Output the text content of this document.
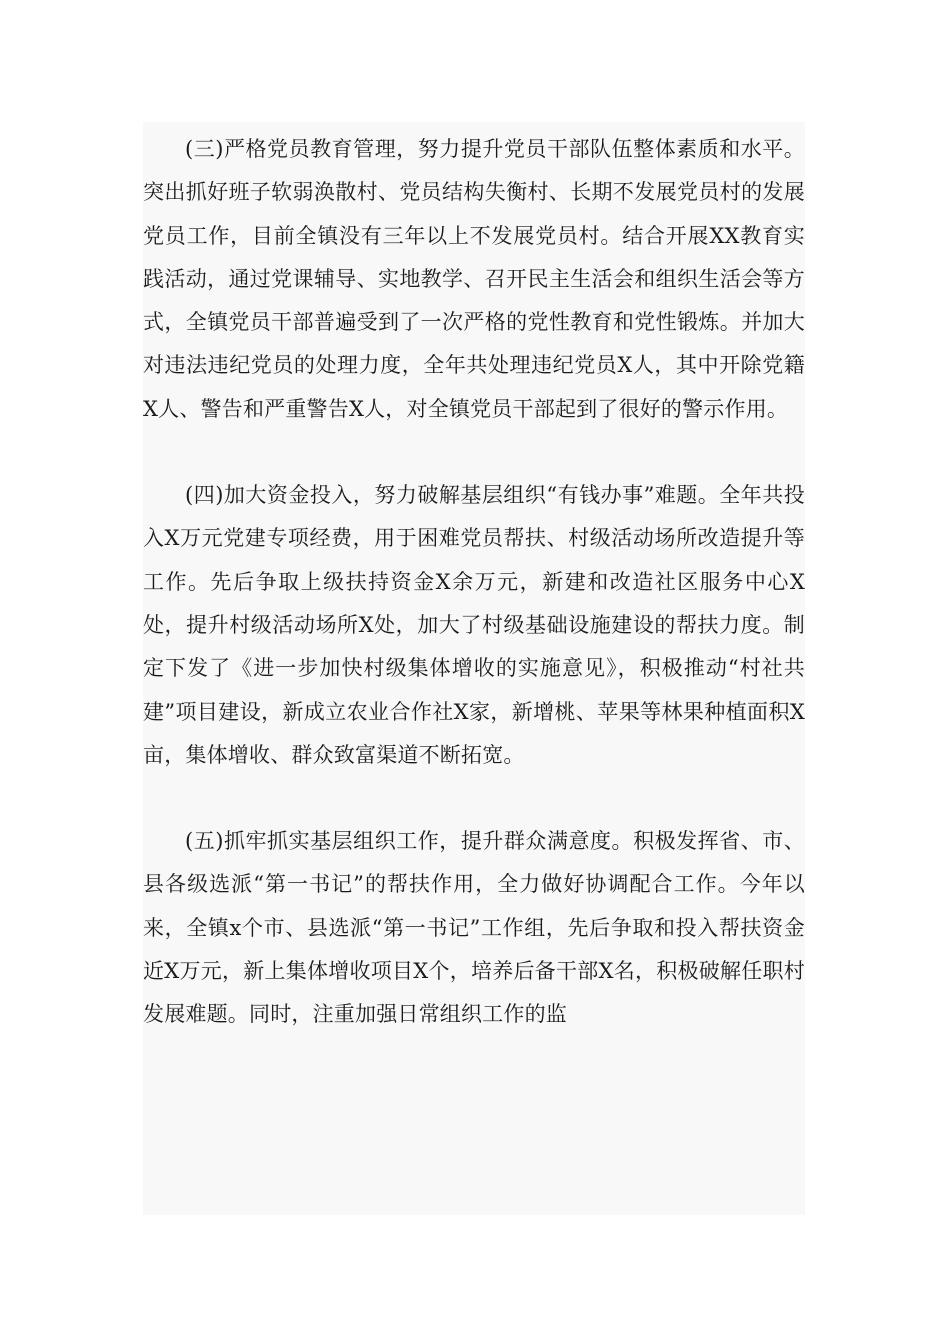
(三)严格党员教育管理，努力提升党员干部队伍整体素质和水平。突出抓好班子软弱涣散村、党员结构失衡村、长期不发展党员村的发展党员工作，目前全镇没有三年以上不发展党员村。结合开展XX教育实践活动，通过党课辅导、实地教学、召开民主生活会和组织生活会等方式，全镇党员干部普遍受到了一次严格的党性教育和党性锻炼。并加大对违法违纪党员的处理力度，全年共处理违纪党员X人，其中开除党籍X人、警告和严重警告X人，对全镇党员干部起到了很好的警示作用。

(四)加大资金投入，努力破解基层组织“有钱办事”难题。全年共投入X万元党建专项经费，用于困难党员帮扶、村级活动场所改造提升等工作。先后争取上级扶持资金X余万元，新建和改造社区服务中心X处，提升村级活动场所X处，加大了村级基础设施建设的帮扶力度。制定下发了《进一步加快村级集体增收的实施意见》，积极推动“村社共建”项目建设，新成立农业合作社X家，新增桃、苹果等林果种植面积X亩，集体增收、群众致富渠道不断拓宽。

(五)抓牢抓实基层组织工作，提升群众满意度。积极发挥省、市、县各级选派“第一书记”的帮扶作用，全力做好协调配合工作。今年以来，全镇x个市、县选派“第一书记”工作组，先后争取和投入帮扶资金近X万元，新上集体增收项目X个，培养后备干部X名，积极破解任职村发展难题。同时，注重加强日常组织工作的监
